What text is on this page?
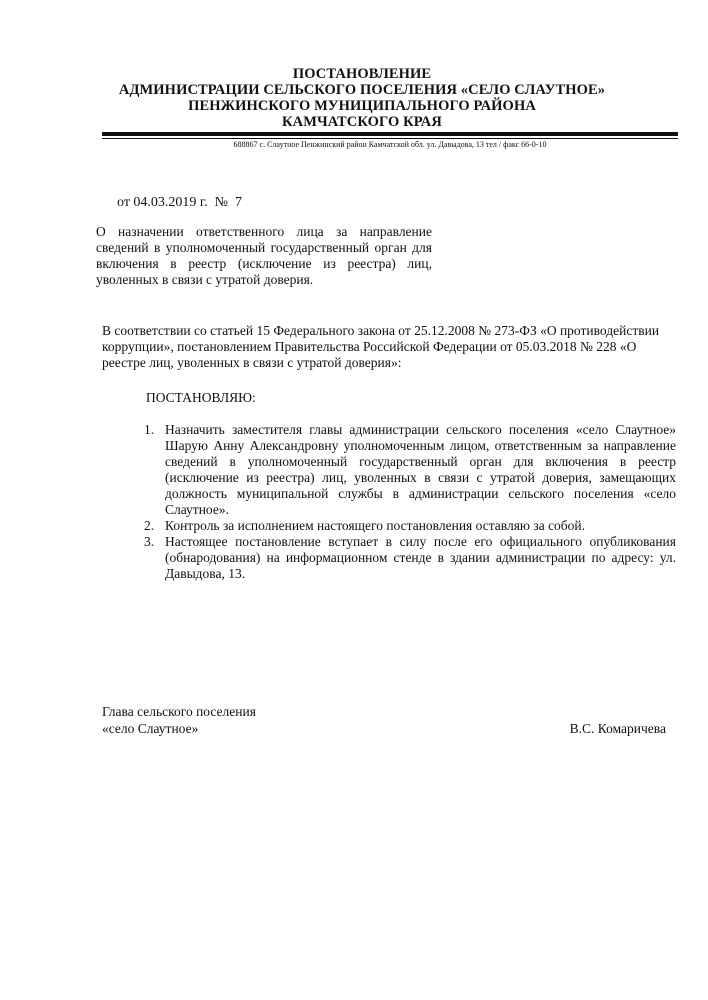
ПОСТАНОВЛЕНИЕ
АДМИНИСТРАЦИИ СЕЛЬСКОГО ПОСЕЛЕНИЯ «СЕЛО СЛАУТНОЕ»
ПЕНЖИНСКОГО МУНИЦИПАЛЬНОГО РАЙОНА
КАМЧАТСКОГО КРАЯ
688867 с. Слаутное Пенжинский район Камчатской обл. ул. Давыдова, 13 тел / факс 66-0-10
от 04.03.2019 г.  №  7
О назначении ответственного лица за направление сведений в уполномоченный государственный орган для включения в реестр (исключение из реестра) лиц, уволенных в связи с утратой доверия.
В соответствии со статьей 15 Федерального закона от 25.12.2008 № 273-ФЗ «О противодействии коррупции», постановлением Правительства Российской Федерации от 05.03.2018 № 228 «О реестре лиц, уволенных в связи с утратой доверия»:
ПОСТАНОВЛЯЮ:
1. Назначить заместителя главы администрации сельского поселения «село Слаутное» Шарую Анну Александровну уполномоченным лицом, ответственным за направление сведений в уполномоченный государственный орган для включения в реестр (исключение из реестра) лиц, уволенных в связи с утратой доверия, замещающих должность муниципальной службы в администрации сельского поселения «село Слаутное».
2. Контроль за исполнением настоящего постановления оставляю за собой.
3. Настоящее постановление вступает в силу после его официального опубликования (обнародования) на информационном стенде в здании администрации по адресу: ул. Давыдова, 13.
Глава сельского поселения
«село Слаутное»	В.С. Комаричева
